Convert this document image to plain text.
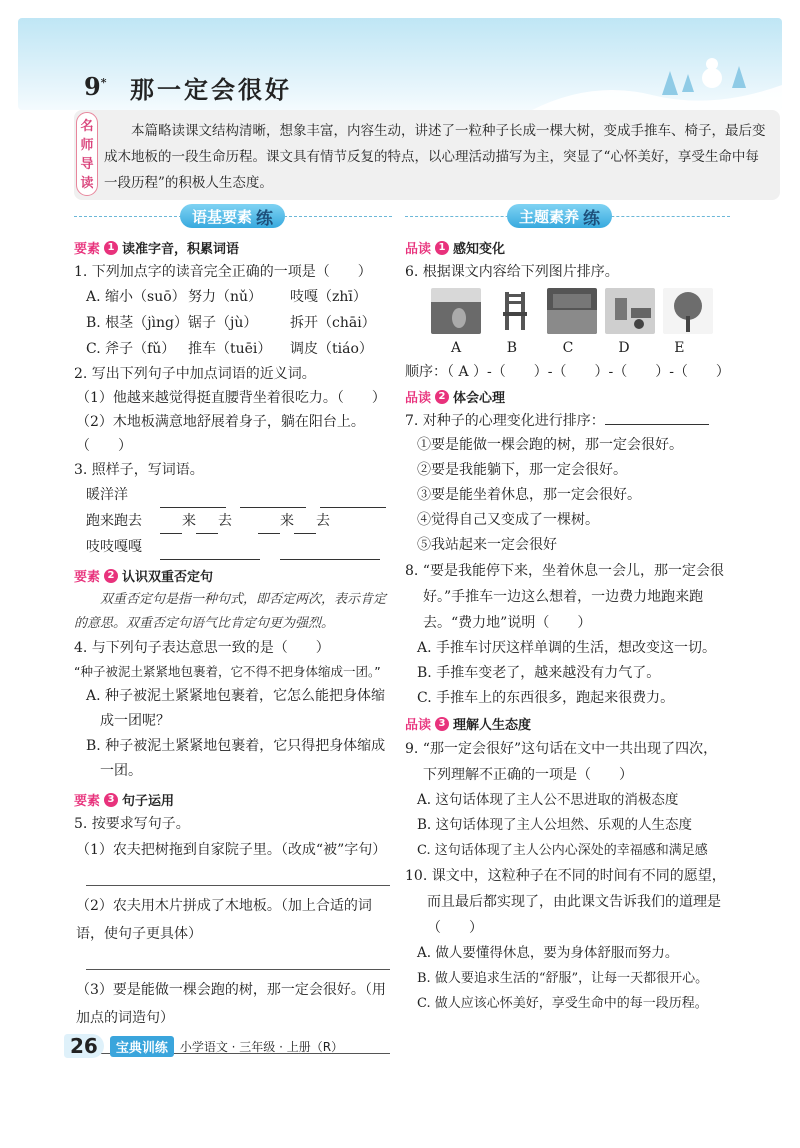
9* 那一定会很好
名
师
导
读
本篇略读课文结构清晰，想象丰富，内容生动，讲述了一粒种子长成一棵大树，变成手推车、椅子，最后变成木地板的一段生命历程。课文具有情节反复的特点，以心理活动描写为主，突显了“心怀美好，享受生命中每一段历程”的积极人生态度。
语基要素 练
要素 1 读准字音，积累词语
1. 下列加点字的读音完全正确的一项是（　　）
A. 缩小（suō） 努力（nǔ）	吱嘎（zhī）
B. 根茎（jìng） 锯子（jù）	拆开（chāi）
C. 斧子（fǔ） 推车（tuēi）	调皮（tiáo）
2. 写出下列句子中加点词语的近义词。
（1）他越来越觉得挺直腰背坐着很吃力。（　　）
（2）木地板满意地舒展着身子，躺在阳台上。（　　）
3. 照样子，写词语。
暖洋洋
跑来跑去	来 去	来 去
吱吱嘎嘎
要素 2 认识双重否定句
双重否定句是指一种句式，即否定两次，表示肯定的意思。双重否定句语气比肯定句更为强烈。
4. 与下列句子表达意思一致的是（　　）
“种子被泥土紧紧地包裹着，它不得不把身体缩成一团。”
A. 种子被泥土紧紧地包裹着，它怎么能把身体缩成一团呢？
B. 种子被泥土紧紧地包裹着，它只得把身体缩成一团。
要素 3 句子运用
5. 按要求写句子。
（1）农夫把树拖到自家院子里。（改成“被”字句）
（2）农夫用木片拼成了木地板。（加上合适的词语，使句子更具体）
（3）要是能做一棵会跑的树，那一定会很好。（用加点的词造句）
主题素养 练
品读 1 感知变化
6. 根据课文内容给下列图片排序。
A	B	C	D	E
顺序：（ A ）-（　　）-（　　）-（　　）-（　　）
品读 2 体会心理
7. 对种子的心理变化进行排序：
①要是能做一棵会跑的树，那一定会很好。
②要是我能躺下，那一定会很好。
③要是能坐着休息，那一定会很好。
④觉得自己又变成了一棵树。
⑤我站起来一定会很好
8. “要是我能停下来，坐着休息一会儿，那一定会很好。”手推车一边这么想着，一边费力地跑来跑去。“费力地”说明（　　）
A. 手推车讨厌这样单调的生活，想改变这一切。
B. 手推车变老了，越来越没有力气了。
C. 手推车上的东西很多，跑起来很费力。
品读 3 理解人生态度
9. “那一定会很好”这句话在文中一共出现了四次，下列理解不正确的一项是（　　）
A. 这句话体现了主人公不思进取的消极态度
B. 这句话体现了主人公坦然、乐观的人生态度
C. 这句话体现了主人公内心深处的幸福感和满足感
10. 课文中，这粒种子在不同的时间有不同的愿望，而且最后都实现了，由此课文告诉我们的道理是（　　）
A. 做人要懂得休息，要为身体舒服而努力。
B. 做人要追求生活的“舒服”，让每一天都很开心。
C. 做人应该心怀美好，享受生命中的每一段历程。
26	宝典训练	小学语文 · 三年级 · 上册（R）
